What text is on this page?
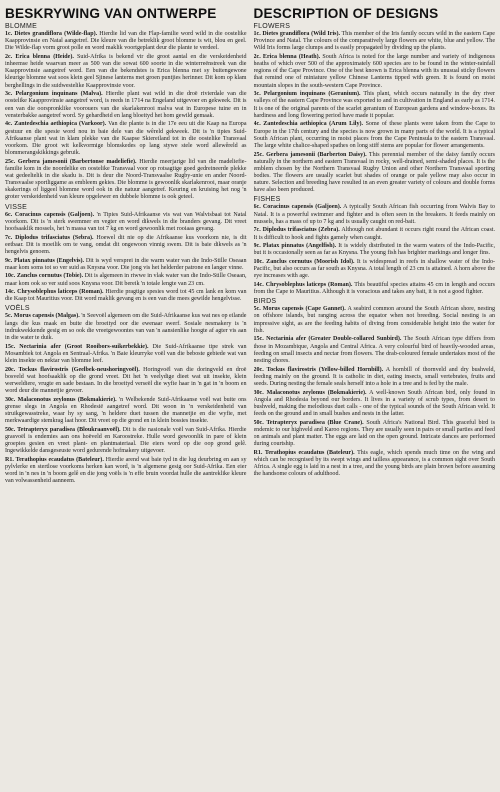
BESKRYWING VAN ONTWERPE
BLOMME

1c. Dietes grandiflora (Wilde-flap). Hierdie lid van die Flap-familie word wild in die oostelike Kaapprovinsie en Natal aangetref. Die kleure van die betreklik groot blomme is wit, blou en geel. Die Wilde-flap vorm groot polle en word maklik voortgeplant deur die plante te verdeel.

2c. Erica blenna (Heide). Suid-Afrika is bekend vir die groot aantal en die verskeidenheid inheemse heide waarvan meer as 500 van die sowat 600 soorte in die winterreënstreek van die Kaapprovinsie aangetref word. Een van die bekendstes is Erica blenna met sy buitengewone kleurige blomme wat soos klein geel Sjinese lanterns met groen puntjies herinner. Dit kom op klam berghellings in die suidwestelike Kaapprovinsie voor.

3c. Pelargonium inquinans (Malva). Hierdie plant wat wild in die droë rivierdale van die oostelike Kaapprovinsie aangetref word, is reeds in 1714 na Engeland uitgevoer en gekweek. Dit is een van die oorspronklike voorouers van die skarlakenrooi malva wat in Europese tuine en in vensterbakke aangetref word. Sy gehardheid en lang bloeityd het hom gewild gemaak.

4c. Zantedeschia aethiopica (Varkoor). Van die plante is in die 17e eeu uit die Kaap na Europa gestuur en die spesie word nou in baie dele van die wêreld gekweek. Dit is 'n tipies Suid-Afrikaanse plant wat in klam plekke van die Kaapse Skiereiland tot in die oostelike Transvaal voorkom. Die groot wit kelkvormige blomskedes op lang stywe stele word allewêreld as blommerangskikkings gebruik.

25c. Gerbera jamesonii (Barbertonse madeliefie). Hierdie meerjarige lid van die madeliefie-familie kom in die noordelike en oostelike Transvaal voor op rotsagtige goed gedreineerde plekke wat gedeeltelik in die skadu is. Dit is deur die Noord-Transvaalse Rugby-unie en ander Noord-Transvaalse sportliggame as embleem gekies. Die blomme is gewoonlik skarlakenrooi, maar oranje skakerings of liggeel blomme word ook in die natuur aangetref. Keuring en kruising het nog 'n groter verskeidenheid van kleure opgelewer en dubbele blomme is ook geteel.

VISSE

6c. Coracinus capensis (Galjoen). 'n Tipies Suid-Afrikaanse vis wat van Walvisbaai tot Natal voorkom. Dit is 'n sterk swemmer en vegter en word dikwels in die branders gevang. Dit vreet hoofsaaklik mossels, het 'n massa van tot 7 kg en word gewoonlik met rooiaas gevang.

7c. Diplodus trifasciatus (Sebra). Hoewel dit nie op die Afrikaanse kus voorkom nie, is dit eetbaar. Dit is moeilik om te vang, omdat dit ongewoon vinnig swem. Dit is baie dikwels as 'n hengelvis genoem.

9c. Platax pinnatus (Engelvis). Dit is wyd versprei in die warm water van die Indo-Stille Oseaan maar kom soms tot so ver suid as Knysna voor. Die jong vis het helderder patrone en langer vinne.

10c. Zanclus cornutus (Tobie). Dit is algemeen in riwwe in vlak water van die Indo-Stille Oseaan, maar kom ook so ver suid soos Knysna voor. Dit bereik 'n totale lengte van 23 cm.

14c. Chrysoblephus laticeps (Roman). Hierdie pragtige spesies word tot 45 cm lank en kom van die Kaap tot Mauritius voor. Dit word maklik gevang en is een van die mees gewilde hengelvisse.

VOËLS

5c. Morus capensis (Malgas). 'n Seevoël algemeen om die Suid-Afrikaanse kus wat nes op eilande langs die kus maak en buite die broeityd oor die ewenaar swerf. Sosiale nesmakery is 'n indrukwekkende gesig en so ook die vreetgewoontes van van 'n aansienlike hoogte af agter vis aan in die water te duik.

15c. Nectarinia afer (Groot Rooibors-suikerbekkie). Die Suid-Afrikaanse tipe strek van Mosambiek tot Angola en Sentraal-Afrika. 'n Baie kleurryke voël van die beboste gebiede wat van klein insekte en nektar van blomme leef.

20c. Tockus flavirostris (Geelbek-neushoringvoël). Horingvoël van die doringveld en droë bosveld wat hoofsaaklik op die grond vreet. Dit het 'n veelydige dieet wat uit insekte, klein werweldiere, vrugte en sade bestaan. In die broeityd verseël die wyfie haar in 'n gat in 'n boom en word deur die mannetjie gevoer.

30c. Malaconotus zeylonus (Bokmakierie). 'n Welbekende Suid-Afrikaanse voël wat buite ons grense slegs in Angola en Rhodesië aangetref word. Dit woon in 'n verskeidenheid van struikgewasstreke, waar hy sy sang, 'n heldere duet tussen die mannetjie en die wyfie, met merkwaardige stemkrag laat hoor. Dit vreet op die grond en in klein bossies insekte.

50c. Tetrapteryx paradisea (Bloukraanvoël). Dit is die nasionale voël van Suid-Afrika. Hierdie grasvoël is endemies aan ons hoëveld en Karoostreke. Hulle word gewoonlik in pare of klein groepies gesien en vreet plant- en plantmateriaal. Die eiers word op die oop grond gelê. Ingewikkelde dansgeseuste word gedurende hofmakery uitgevoer.

R1. Terathopius ecaudatus (Bateleur). Hierdie arend wat baie tyd in die lug deurbring en aan sy pylvlerke en stertlose voorkoms herken kan word, is 'n algemene gesig oor Suid-Afrika. Een eier word in 'n nes in 'n boom gelê en die jong voëls is 'n effe bruin voordat hulle die aantreklike kleure van volwassenheid aanneem.

DESCRIPTION OF DESIGNS
FLOWERS

1c. Dietes grandiflora (Wild Iris). This member of the Iris family occurs wild in the eastern Cape Province and Natal. The colours of the comparatively large flowers are white, blue and yellow. The Wild Iris forms large clumps and is easily propagated by dividing up the plants.

2c. Erica blenna (Heath). South Africa is noted for the large number and variety of indigenous heaths of which over 500 of the approximately 600 species are to be found in the winter-rainfall regions of the Cape Province. One of the best known is Erica blenna with its unusual sticky flowers that remind one of miniature yellow Chinese Lanterns tipped with green. It is found on moist mountain slopes in the south-western Cape Province.

3c. Pelargonium inquinans (Geranium). This plant, which occurs naturally in the dry river valleys of the eastern Cape Province was exported to and in cultivation in England as early as 1714. It is one of the original parents of the scarlet geranium of European gardens and window-boxes. Its hardiness and long flowering period have made it popular.

4c. Zantedeschia aethiopica (Arum Lily). Some of these plants were taken from the Cape to Europe in the 17th century and the species is now grown in many parts of the world. It is a typical South African plant, occurring in moist places from the Cape Peninsula to the eastern Transvaal. The large white chalice-shaped spathes on long stiff stems are popular for flower arrangements.

25c. Gerbera jamesonii (Barberton Daisy). This perennial member of the daisy family occurs naturally in the northern and eastern Transvaal in rocky, well-drained, semi-shaded places. It is the emblem chosen by the Northern Transvaal Rugby Union and other Northern Transvaal sporting bodies. The flowers are usually scarlet but shades of orange or pale yellow may also occur in nature. Selection and breeding have resulted in an even greater variety of colours and double forms have also been produced.

FISHES

6c. Coracinus capensis (Galjoen). A typically South African fish occurring from Walvis Bay to Natal. It is a powerful swimmer and fighter and is often seen in the breakers. It feeds mainly on mussels, has a mass of up to 7 kg and is usually caught on red-bait.

7c. Diplodus trifasciatus (Zebra). Although not abundant it occurs right round the African coast. It is difficult to hook and fights gamely when caught.

9c. Platax pinnatus (Angelfish). It is widely distributed in the warm waters of the Indo-Pacific, but it is occasionally seen as far as Knysna. The young fish has brighter markings and longer fins.

10c. Zanclus cornutus (Moorish Idol). It is widespread in reefs in shallow water of the Indo-Pacific, but also occurs as far south as Knysna. A total length of 23 cm is attained. A horn above the eye increases with age.

14c. Chrysoblephus laticeps (Roman). This beautiful species attains 45 cm in length and occurs from the Cape to Mauritius. Although it is voracious and takes any bait, it is not a good fighter.

BIRDS

5c. Morus capensis (Cape Gannet). A seabird common around the South African shore, nesting on offshore islands, but ranging across the equator when not breeding. Social nesting is an impressive sight, as are the feeding habits of diving from considerable height into the water for fish.

15c. Nectarinia afer (Greater Double-collared Sunbird). The South African type differs from those in Mozambique, Angola and Central Africa. A very colourful bird of heavily-wooded areas, feeding on small insects and nectar from flowers. The drab-coloured female undertakes most of the nesting chores.

20c. Tockus flavirostris (Yellow-billed Hornbill). A hornbill of thornveld and dry bushveld, feeding mainly on the ground. It is catholic in diet, eating insects, small vertebrates, fruits and seeds. During nesting the female seals herself into a hole in a tree and is fed by the male.

30c. Malaconotus zeylonus (Bokmakierie). A well-known South African bird, only found in Angola and Rhodesia beyond our borders. It lives in a variety of scrub types, from desert to bushveld, making the melodious duet calls - one of the typical sounds of the South African veld. It feeds on the ground and in small bushes and nests in the latter.

50c. Tetrapteryx paradisea (Blue Crane). South Africa's National Bird. This graceful bird is endemic to our highveld and Karoo regions. They are usually seen in pairs or small parties and feed on animals and plant matter. The eggs are laid on the open ground. Intricate dances are performed during courtship.

R1. Terathopius ecaudatus (Bateleur). This eagle, which spends much time on the wing and which can be recognised by its swept wings and tailless appearance, is a common sight over South Africa. A single egg is laid in a nest in a tree, and the young birds are plain brown before assuming the handsome colours of adulthood.
